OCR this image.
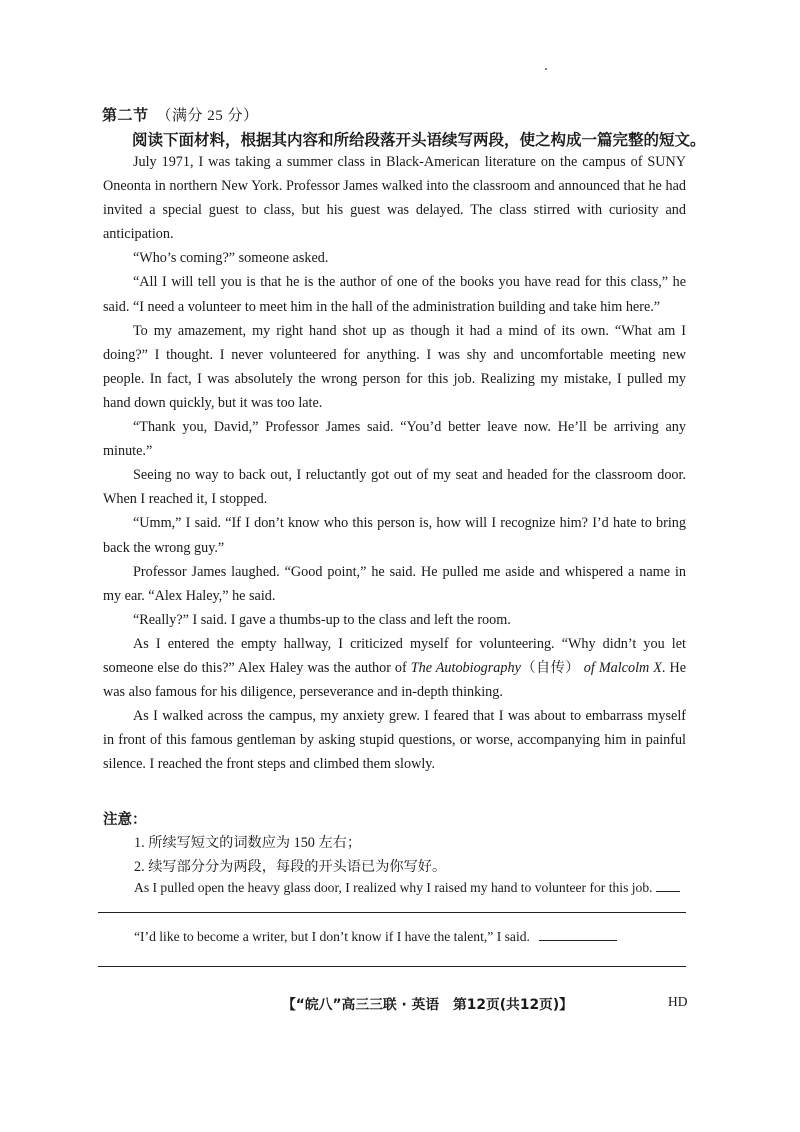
第二节 （满分 25 分）
阅读下面材料，根据其内容和所给段落开头语续写两段，使之构成一篇完整的短文。

July 1971, I was taking a summer class in Black-American literature on the campus of SUNY Oneonta in northern New York. Professor James walked into the classroom and announced that he had invited a special guest to class, but his guest was delayed. The class stirred with curiosity and anticipation.

“Who’s coming?” someone asked.

“All I will tell you is that he is the author of one of the books you have read for this class,” he said. “I need a volunteer to meet him in the hall of the administration building and take him here.”

To my amazement, my right hand shot up as though it had a mind of its own. “What am I doing?” I thought. I never volunteered for anything. I was shy and uncomfortable meeting new people. In fact, I was absolutely the wrong person for this job. Realizing my mistake, I pulled my hand down quickly, but it was too late.

“Thank you, David,” Professor James said. “You’d better leave now. He’ll be arriving any minute.”

Seeing no way to back out, I reluctantly got out of my seat and headed for the classroom door. When I reached it, I stopped.

“Umm,” I said. “If I don’t know who this person is, how will I recognize him? I’d hate to bring back the wrong guy.”

Professor James laughed. “Good point,” he said. He pulled me aside and whispered a name in my ear. “Alex Haley,” he said.

“Really?” I said. I gave a thumbs-up to the class and left the room.

As I entered the empty hallway, I criticized myself for volunteering. “Why didn’t you let someone else do this?” Alex Haley was the author of The Autobiography（自传） of Malcolm X. He was also famous for his diligence, perseverance and in-depth thinking.

As I walked across the campus, my anxiety grew. I feared that I was about to embarrass myself in front of this famous gentleman by asking stupid questions, or worse, accompanying him in painful silence. I reached the front steps and climbed them slowly.

注意：
1. 所续写短文的词数应为 150 左右；
2. 续写部分分为两段，每段的开头语已为你写好。
As I pulled open the heavy glass door, I realized why I raised my hand to volunteer for this job.
“I’d like to become a writer, but I don’t know if I have the talent,” I said.
【“皖八”高三三联 · 英语　第12页(共12页)】	HD
